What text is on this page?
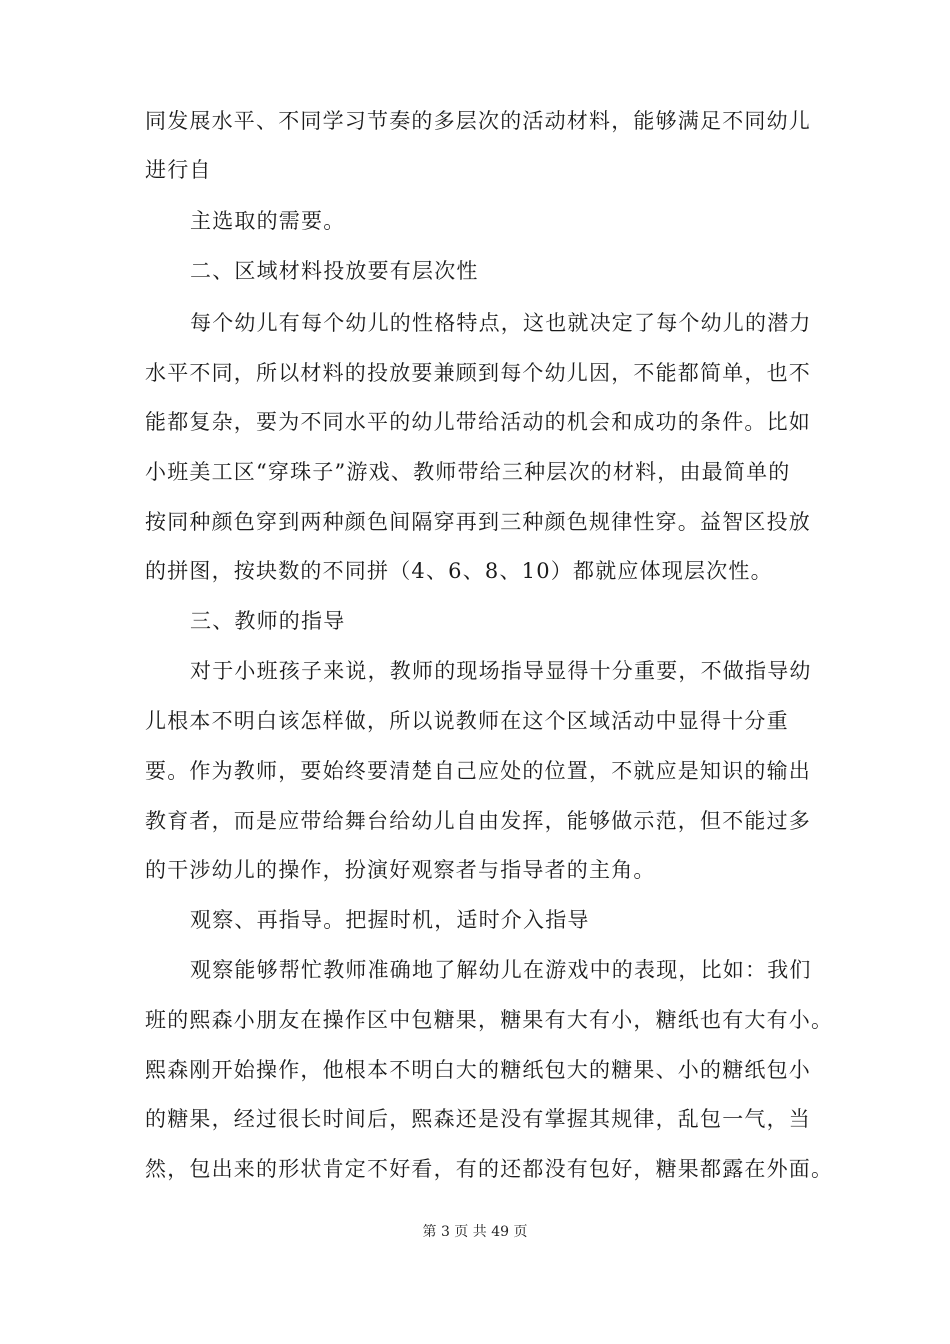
同发展水平、不同学习节奏的多层次的活动材料，能够满足不同幼儿
进行自
主选取的需要。
二、区域材料投放要有层次性
每个幼儿有每个幼儿的性格特点，这也就决定了每个幼儿的潜力
水平不同，所以材料的投放要兼顾到每个幼儿因，不能都简单，也不
能都复杂，要为不同水平的幼儿带给活动的机会和成功的条件。比如
小班美工区“穿珠子”游戏、教师带给三种层次的材料，由最简单的
按同种颜色穿到两种颜色间隔穿再到三种颜色规律性穿。益智区投放
的拼图，按块数的不同拼（4、6、8、10）都就应体现层次性。
三、教师的指导
对于小班孩子来说，教师的现场指导显得十分重要，不做指导幼
儿根本不明白该怎样做，所以说教师在这个区域活动中显得十分重
要。作为教师，要始终要清楚自己应处的位置，不就应是知识的输出
教育者，而是应带给舞台给幼儿自由发挥，能够做示范，但不能过多
的干涉幼儿的操作，扮演好观察者与指导者的主角。
观察、再指导。把握时机，适时介入指导
观察能够帮忙教师准确地了解幼儿在游戏中的表现，比如：我们
班的熙森小朋友在操作区中包糖果，糖果有大有小，糖纸也有大有小。
熙森刚开始操作，他根本不明白大的糖纸包大的糖果、小的糖纸包小
的糖果，经过很长时间后，熙森还是没有掌握其规律，乱包一气，当
然，包出来的形状肯定不好看，有的还都没有包好，糖果都露在外面。
第 3 页 共 49 页
